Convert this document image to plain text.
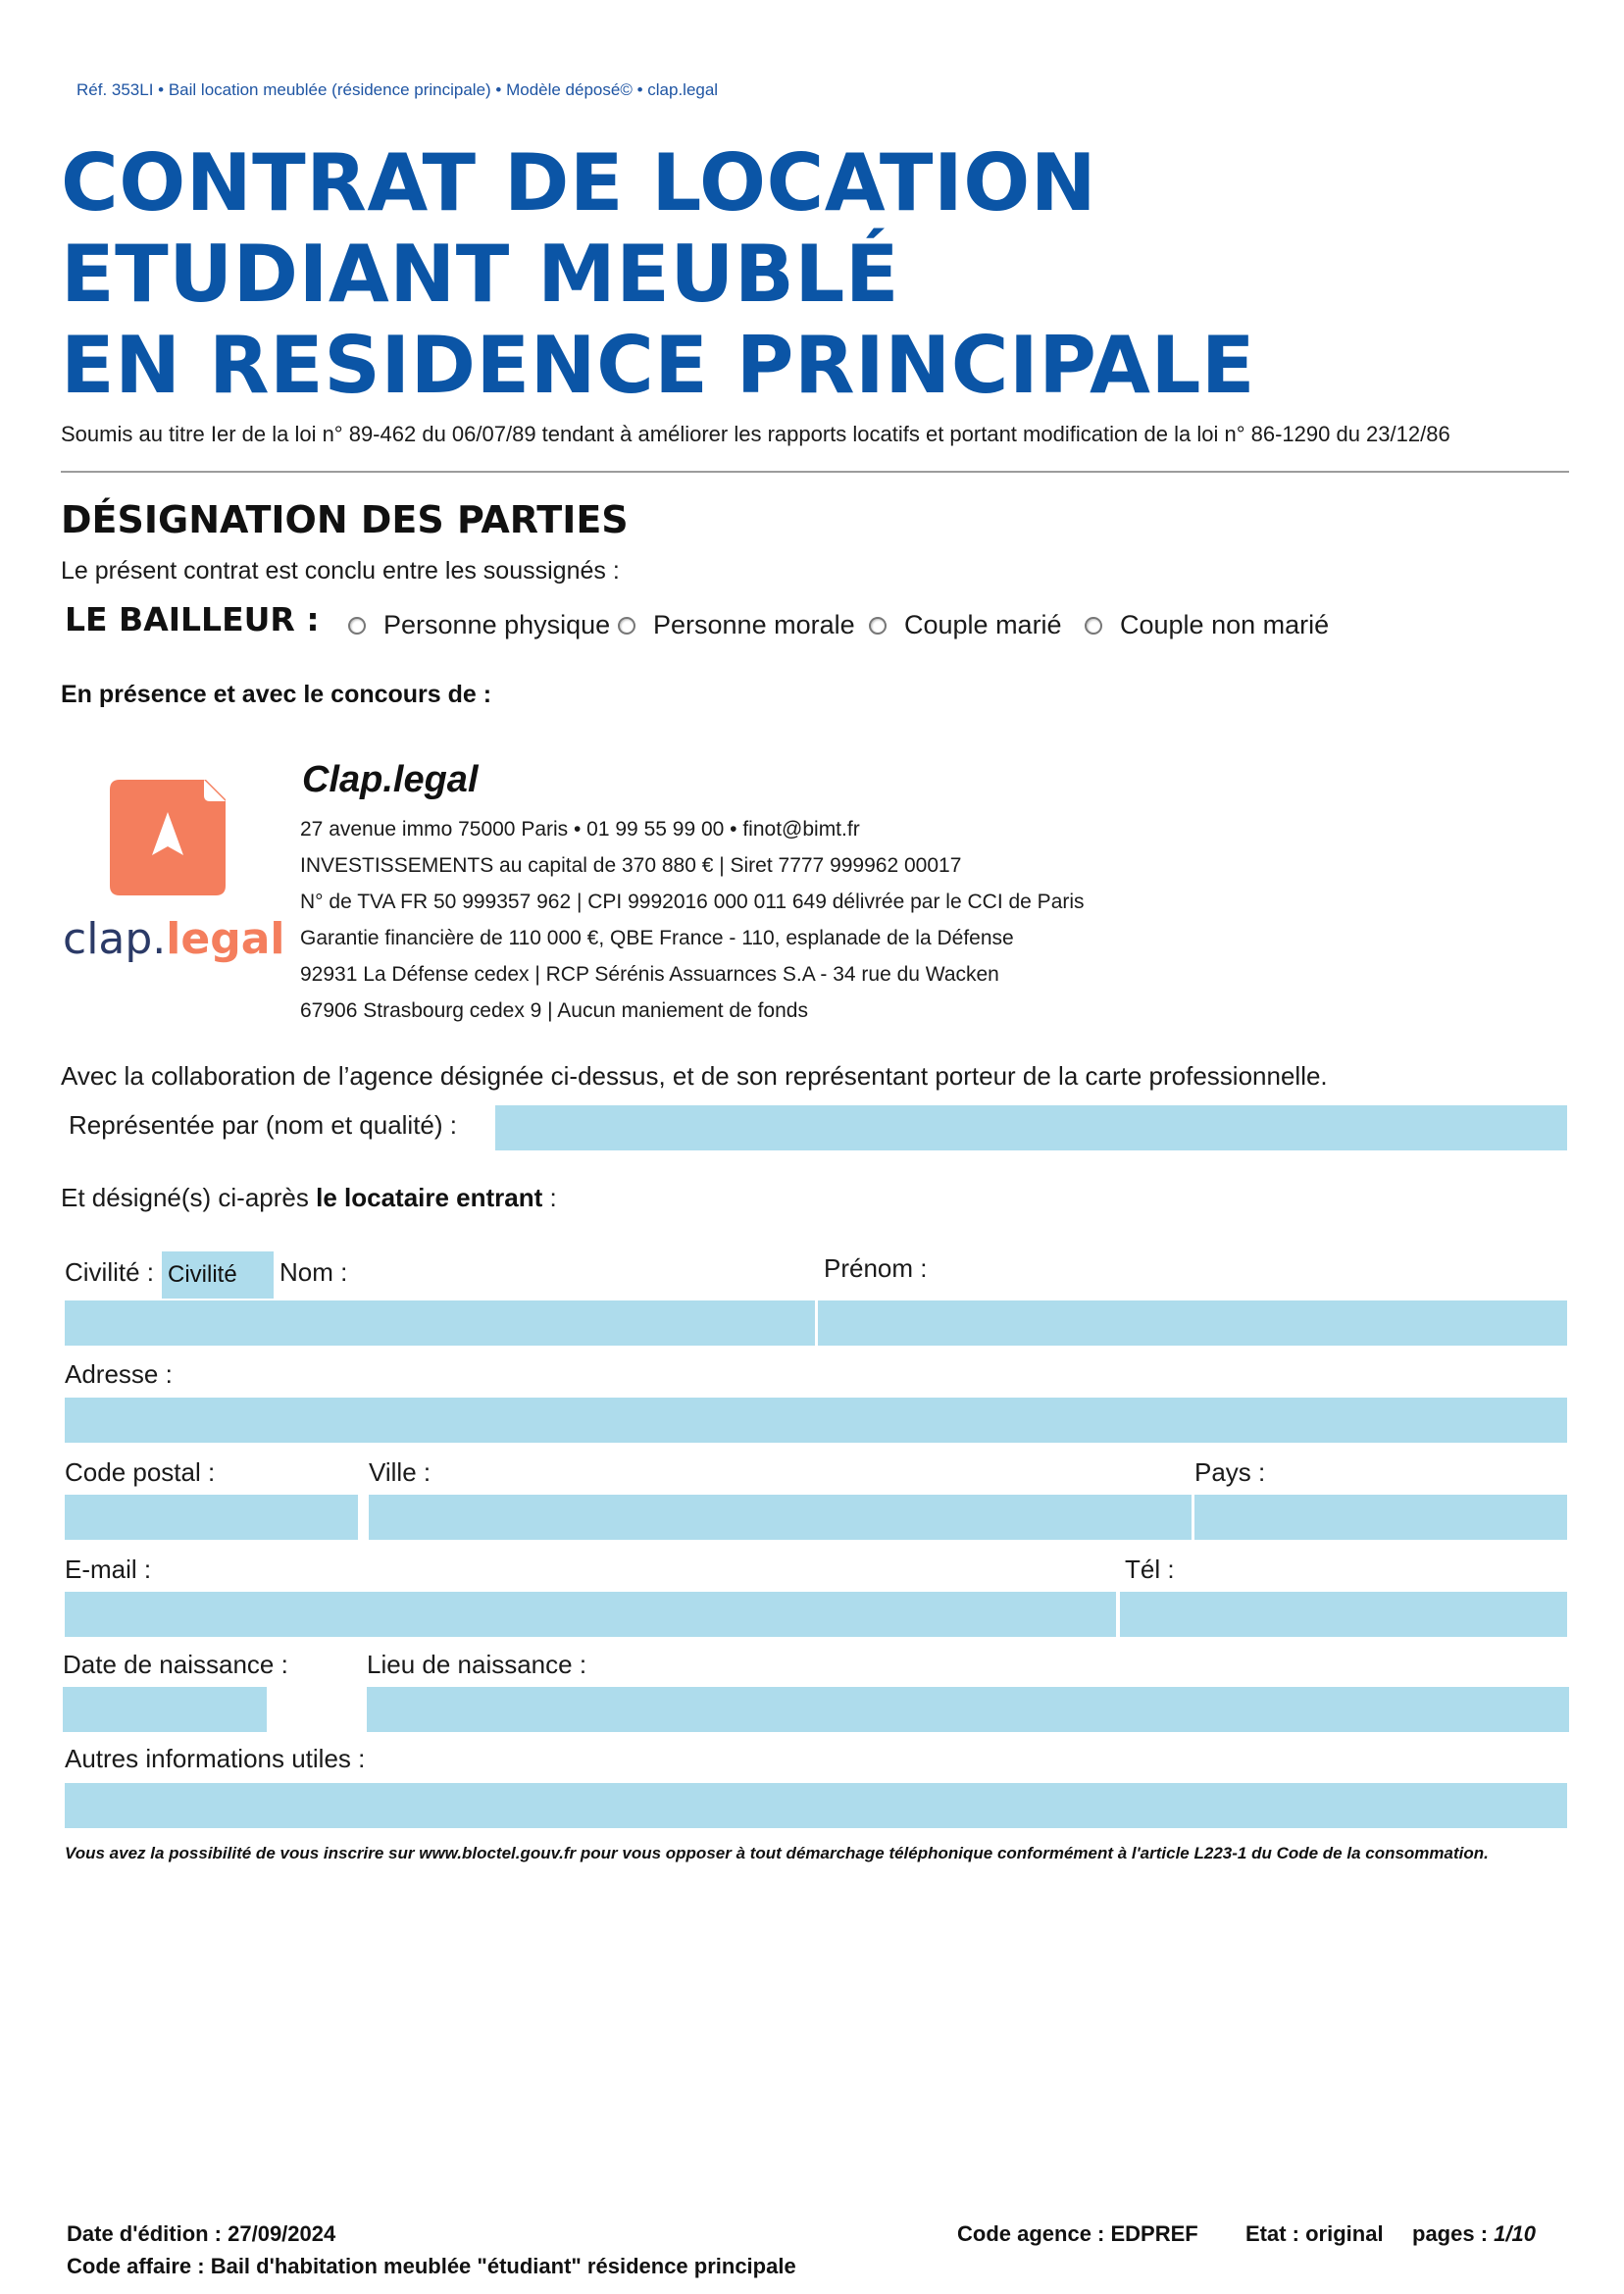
Réf. 353LI • Bail location meublée (résidence principale) • Modèle déposé© • clap.legal
CONTRAT DE LOCATION
ETUDIANT MEUBLÉ
EN RESIDENCE PRINCIPALE
Soumis au titre Ier de la loi n° 89-462 du 06/07/89 tendant à améliorer les rapports locatifs et portant modification de la loi n° 86-1290 du 23/12/86
DÉSIGNATION DES PARTIES
Le présent contrat est conclu entre les soussignés :
LE BAILLEUR : Personne physique Personne morale Couple marié Couple non marié
En présence et avec le concours de :
clap.legal
Clap.legal
27 avenue immo 75000 Paris • 01 99 55 99 00 • finot@bimt.fr
INVESTISSEMENTS au capital de 370 880 € | Siret 7777 999962 00017
N° de TVA FR 50 999357 962 | CPI 9992016 000 011 649 délivrée par le CCI de Paris
Garantie financière de 110 000 €, QBE France - 110, esplanade de la Défense
92931 La Défense cedex | RCP Sérénis Assuarnces S.A - 34 rue du Wacken
67906 Strasbourg cedex 9 | Aucun maniement de fonds
Avec la collaboration de l’agence désignée ci-dessus, et de son représentant porteur de la carte professionnelle.
Représentée par (nom et qualité) :
Et désigné(s) ci-après le locataire entrant :
Civilité : Civilité	Nom :	Prénom :
Adresse :
Code postal :	Ville :	Pays :
E-mail :	Tél :
Date de naissance :	Lieu de naissance :
Autres informations utiles :
Vous avez la possibilité de vous inscrire sur www.bloctel.gouv.fr pour vous opposer à tout démarchage téléphonique conformément à l'article L223-1 du Code de la consommation.
Date d'édition : 27/09/2024
Code affaire : Bail d'habitation meublée "étudiant" résidence principale
Code agence : EDPREF Etat : original pages : 1/10
